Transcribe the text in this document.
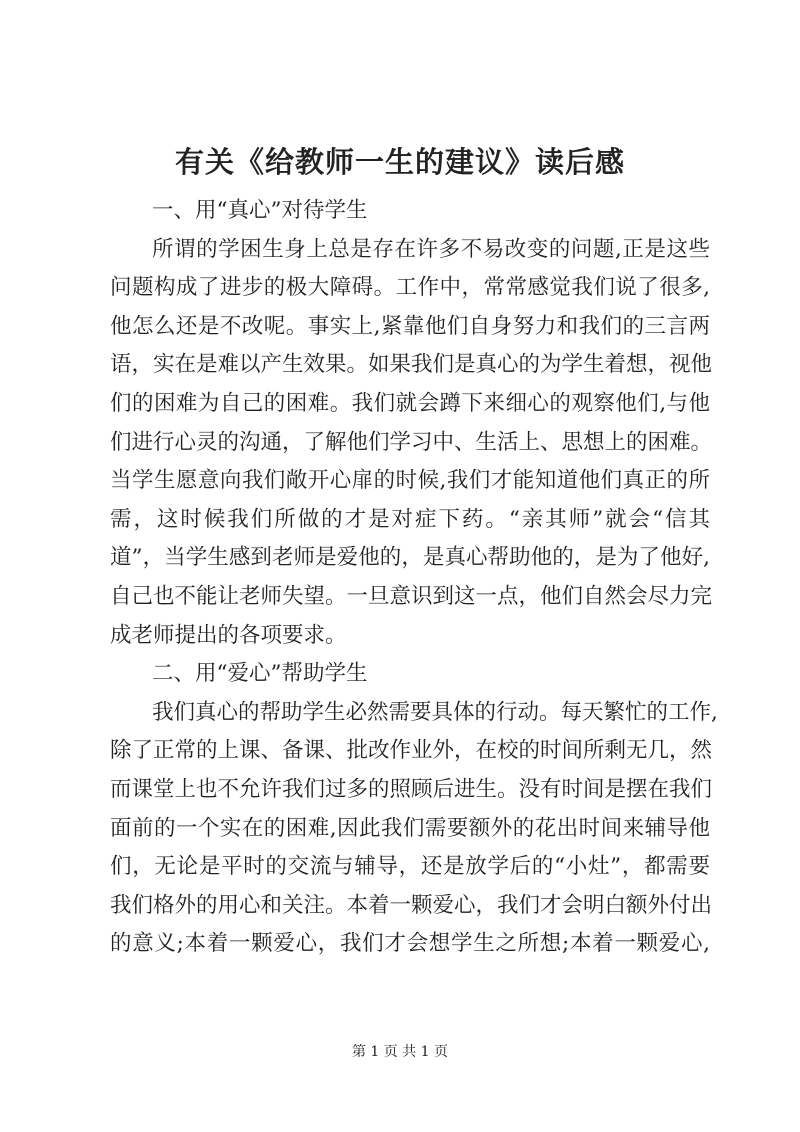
有关《给教师一生的建议》读后感
一、用“真心”对待学生
所谓的学困生身上总是存在许多不易改变的问题,正是这些
问题构成了进步的极大障碍。工作中，常常感觉我们说了很多,
他怎么还是不改呢。事实上,紧靠他们自身努力和我们的三言两
语，实在是难以产生效果。如果我们是真心的为学生着想，视他
们的困难为自己的困难。我们就会蹲下来细心的观察他们,与他
们进行心灵的沟通，了解他们学习中、生活上、思想上的困难。
当学生愿意向我们敞开心扉的时候,我们才能知道他们真正的所
需，这时候我们所做的才是对症下药。“亲其师”就会“信其
道”，当学生感到老师是爱他的，是真心帮助他的，是为了他好,
自己也不能让老师失望。一旦意识到这一点，他们自然会尽力完
成老师提出的各项要求。
二、用“爱心”帮助学生
我们真心的帮助学生必然需要具体的行动。每天繁忙的工作,
除了正常的上课、备课、批改作业外，在校的时间所剩无几，然
而课堂上也不允许我们过多的照顾后进生。没有时间是摆在我们
面前的一个实在的困难,因此我们需要额外的花出时间来辅导他
们，无论是平时的交流与辅导，还是放学后的“小灶”，都需要
我们格外的用心和关注。本着一颗爱心，我们才会明白额外付出
的意义;本着一颗爱心，我们才会想学生之所想;本着一颗爱心,
第 1 页 共 1 页
